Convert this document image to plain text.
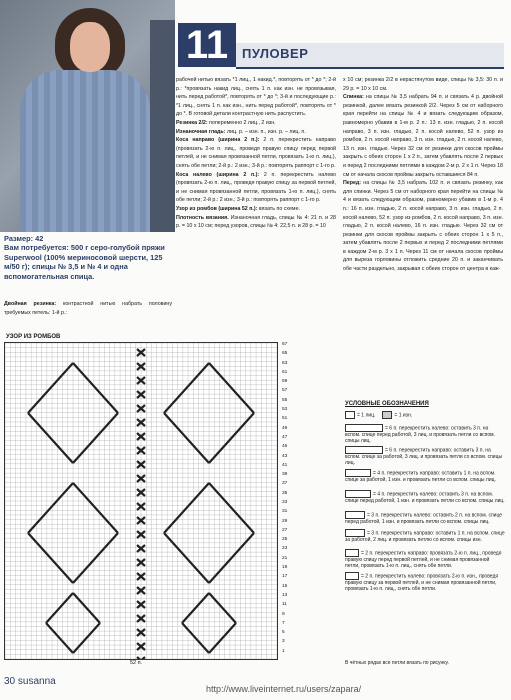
11	ПУЛОВЕР

рабочей нитью вязать *1 лиц., 1 накид.*, повторять от * до *; 2-й р.: *провязать накид лиц., снять 1 п. как изн. не провязывая, нить перед работой*, повторять от * до *; 3-й и последующие р.: *1 лиц., снять 1 п. как изн., нить перед работой*, повторять от * до *. В готовой детали контрастную нить распустить.

Резинка 2/2: попеременно 2 лиц., 2 изн.

Изнаночная гладь: лиц. р. – изн. п., изн. р. – лиц. п.

Коса направо (ширина 2 п.): 2 п. перекрестить направо (провязать 2-ю п. лиц., проведя правую спицу перед первой петлей, и не снимая провязанной петли, провязать 1-ю п. лиц.), снять обе петли; 2-й р.: 2 изн.; 3-й р.: повторять раппорт с 1-го р.

Коса налево (ширина 2 п.): 2 п. перекрестить налево (провязать 2-ю п. лиц., проведя правую спицу за первой петлей, и не снимая провязанной петли, провязать 1-ю п. лиц.), снять обе петли; 2-й р.: 2 изн.; 3-й р.: повторять раппорт с 1-го р.

Узор из ромбов (ширина 52 п.): вязать по схеме.

Плотность вязания. Изнаночная гладь, спицы № 4: 21 п. и 28 р. = 10 x 10 см; перед узоров, спицы № 4: 22,5 п. и 28 р. = 10

x 10 см; резинка 2/2 в нерастянутом виде, спицы № 3,5: 30 п. и 29 р. = 10 x 10 см.

Спинка: на спицы № 3,5 набрать 94 п. и связать 4 р. двойной резинкой, далее вязать резинкой 2/2. Через 5 см от наборного края перейти на спицы № 4 и вязать следующим образом, равномерно убавив в 1-м р. 2 п.: 13 п. изн. гладью, 2 п. косой направо, 3 п. изн. гладью, 2 п. косой налево, 52 п. узор из ромбов, 2 п. косой направо, 3 п. изн. гладью, 2 п. косой налево, 13 п. изн. гладью. Через 32 см от резинки для скосов проймы закрыть с обеих сторон 1 x 2 п., затем убавлять после 2 первых и перед 2 последними петлями в каждом 2-м р. 2 x 1 п. Через 18 см от начала скосов проймы закрыть оставшиеся 84 п.

Перед: на спицы № 3,5 набрать 102 п. и связать резинку, как для спинки. Через 5 см от наборного края перейти на спицы № 4 и вязать следующим образом, равномерно убавив в 1-м р. 4 п.: 16 п. изн. гладью, 2 п. косой направо, 3 п. изн. гладью, 2 п. косой налево, 52 п. узор из ромбов, 2 п. косой направо, 3 п. изн. гладью, 2 п. косой налево, 16 п. изн. гладью. Через 32 см от резинки для скосов проймы закрыть с обеих сторон 1 x 5 п., затем убавлять после 2 первых и перед 2 последними петлями в каждом 2-м р. 3 x 1 п. Через 11 см от начала скосов проймы для выреза горловины отложить средние 20 п. и заканчивать обе части раздельно, закрывая с обеих сторон от центра в каж-

Размер: 42
Вам потребуется: 500 г серо-голубой пряжи Superwool (100% мериносовой шерсти, 125 м/50 г); спицы № 3,5 и № 4 и одна вспомогательная спица.
Двойная резинка: контрастной нитью набрать половину требуемых петель: 1-й р.:
УЗОР ИЗ РОМБОВ
67
65
63
61
59
57
55
53
51
49
47
45
43
41
39
37
35
33
31
29
27
25
23
21
19
17
15
13
11
9
7
5
3
1
52 п.
УСЛОВНЫЕ ОБОЗНАЧЕНИЯ
= 1 лиц.	= 1 изн.
= 6 п. перекрестить налево: оставить 3 п. на вспом. спице перед работой, 3 лиц. и провязать петли со вспом. спицы лиц.
= 6 п. перекрестить направо: оставить 3 п. на вспом. спице за работой, 3 лиц. и провязать петли со вспом. спицы лиц.
= 4 п. перекрестить направо: оставить 1 п. на вспом. спице за работой, 1 изн. и провязать петли со вспом. спицы лиц.
= 4 п. перекрестить налево: оставить 3 п. на вспом. спице перед работой, 1 изн. и провязать петли со вспом. спицы лиц.
= 3 п. перекрестить налево: оставить 2 п. на вспом. спице перед работой, 1 изн. и провязать петли со вспом. спицы лиц.
= 3 п. перекрестить направо: оставить 1 п. на вспом. спице за работой, 2 лиц. и провязать петлю со вспом. спицы изн.
= 2 п. перекрестить направо: провязать 2-ю п. лиц., проведя правую спицу перед первой петлей, и не снимая провязанной петли, провязать 1-ю п. лиц., снять обе петли.
= 2 п. перекрестить налево: провязать 2-ю п. изн., проведя правую спицу за первой петлей, и не снимая провязанной петли, провязать 1-ю п. лиц., снять обе петли.
В чётных рядах все петли вязать по рисунку.
30 susanna
http://www.liveinternet.ru/users/zapara/
